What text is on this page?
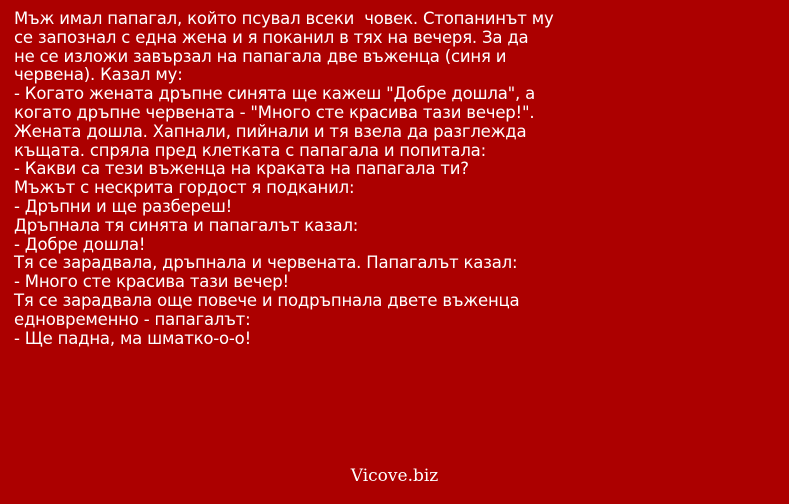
Мъж имал папагал, който псувал всеки  човек. Стопанинът му
се запознал с една жена и я поканил в тях на вечеря. За да
не се изложи завързал на папагала две въженца (синя и
червена). Казал му:
- Когато жената дръпне синята ще кажеш "Добре дошла", а
когато дръпне червената - "Много сте красива тази вечер!".
Жената дошла. Хапнали, пийнали и тя взела да разглежда
къщата. спряла пред клетката с папагала и попитала:
- Какви са тези въженца на краката на папагала ти?
Мъжът с нескрита гордост я подканил:
- Дръпни и ще разбереш!
Дръпнала тя синята и папагалът казал:
- Добре дошла!
Тя се зарадвала, дръпнала и червената. Папагалът казал:
- Много сте красива тази вечер!
Тя се зарадвала още повече и подръпнала двете въженца
едновременно - папагалът:
- Ще падна, ма шматко-о-о!
Vicove.biz
